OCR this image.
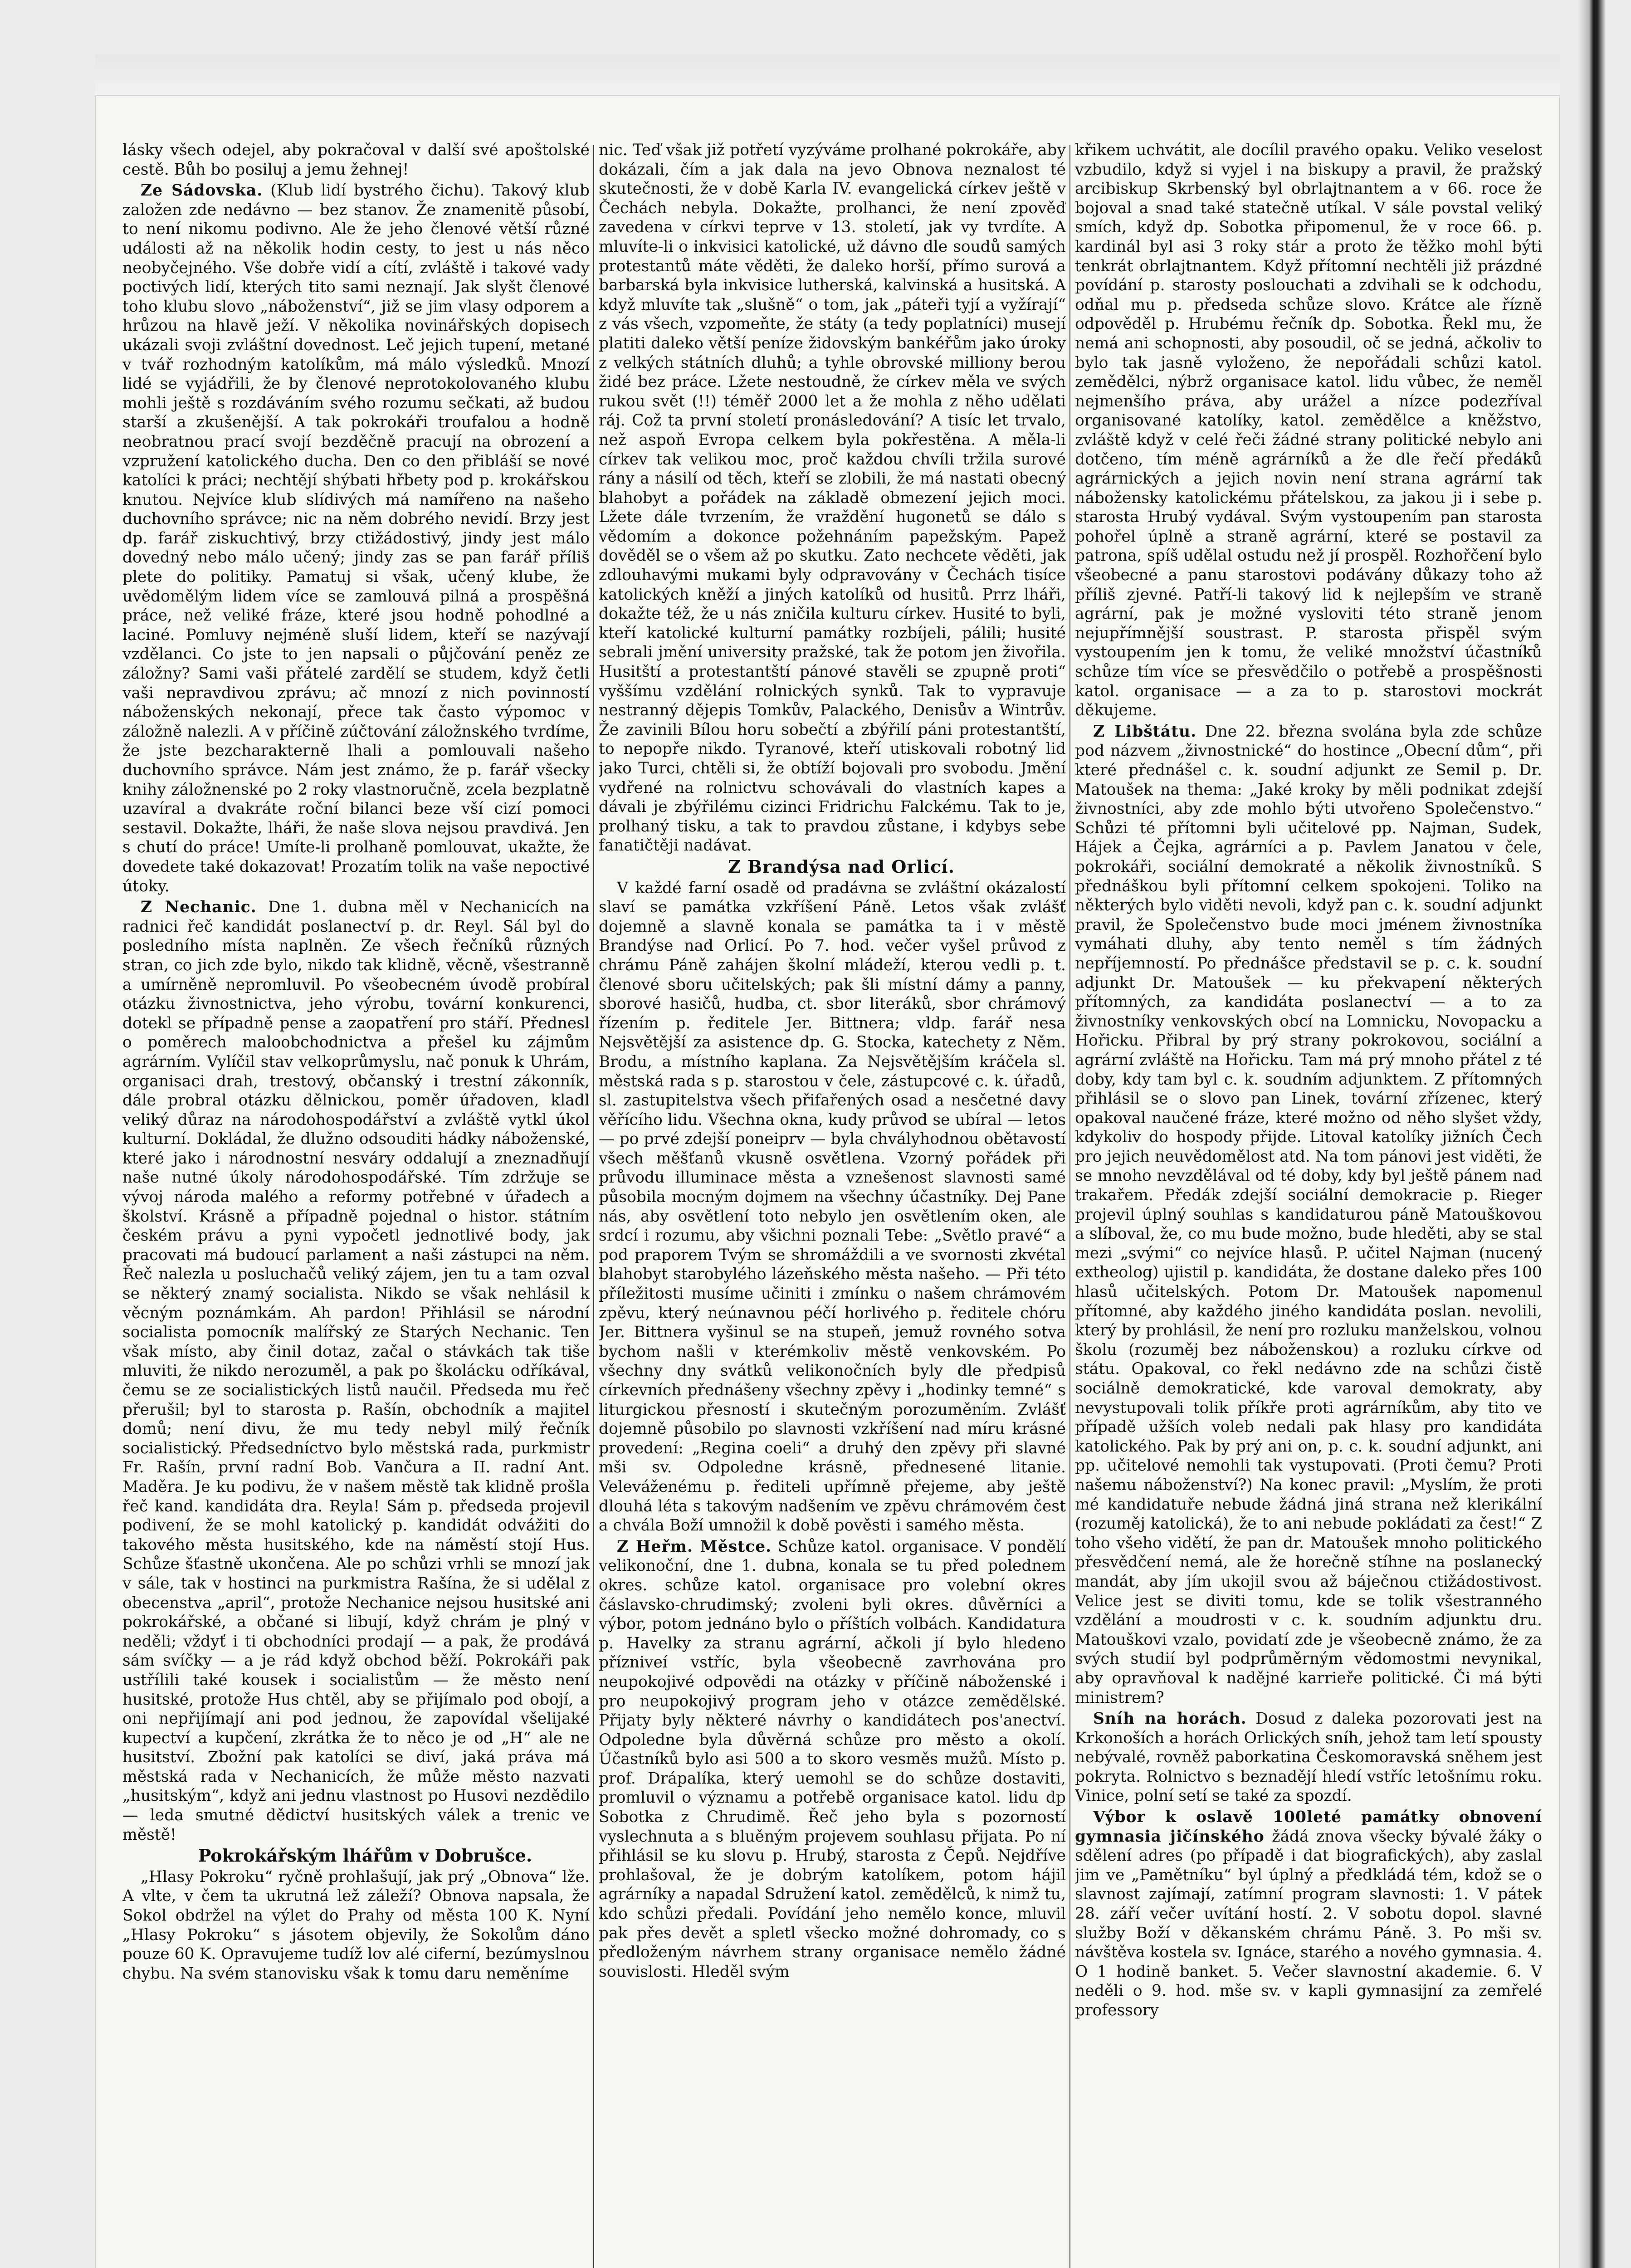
lásky všech odejel, aby pokračoval v další své apoštolské cestě. Bůh bo posiluj a jemu žehnej!

Ze Sádovska. (Klub lidí bystrého čichu). Takový klub založen zde nedávno — bez stanov. Že znamenitě působí, to není nikomu podivno. Ale že jeho členové větší různé události až na několik hodin cesty, to jest u nás něco neobyčejného. Vše dobře vidí a cítí, zvláště i takové vady poctivých lidí, kterých tito sami neznají. Jak slyšt členové toho klubu slovo „náboženství“, již se jim vlasy odporem a hrůzou na hlavě ježí. V několika novinářských dopisech ukázali svoji zvláštní dovednost. Leč jejich tupení, metané v tvář rozhodným katolíkům, má málo výsledků. Mnozí lidé se vyjádřili, že by členové neprotokolovaného klubu mohli ještě s rozdáváním svého rozumu sečkati, až budou starší a zkušenější. A tak pokrokáři troufalou a hodně neobratnou prací svojí bezděčně pracují na obrození a vzpružení katolického ducha. Den co den přibláší se nové katolíci k práci; nechtějí shýbati hřbety pod p. krokářskou knutou. Nejvíce klub slídivých má namířeno na našeho duchovního správce; nic na něm dobrého nevidí. Brzy jest dp. farář ziskuchtivý, brzy ctižádostivý, jindy jest málo dovedný nebo málo učený; jindy zas se pan farář příliš plete do politiky. Pamatuj si však, učený klube, že uvědomělým lidem více se zamlouvá pilná a prospěšná práce, než veliké fráze, které jsou hodně pohodlné a laciné. Pomluvy nejméně sluší lidem, kteří se nazývají vzdělanci. Co jste to jen napsali o půjčování peněz ze záložny? Sami vaši přátelé zardělí se studem, když četli vaši nepravdivou zprávu; ač mnozí z nich povinností náboženských nekonají, přece tak často výpomoc v záložně nalezli. A v příčině zúčtování záložnského tvrdíme, že jste bezcharakterně lhali a pomlouvali našeho duchovního správce. Nám jest známo, že p. farář všecky knihy záložnenské po 2 roky vlastnoručně, zcela bezplatně uzavíral a dvakráte roční bilanci beze vší cizí pomoci sestavil. Dokažte, lháři, že naše slova nejsou pravdivá. Jen s chutí do práce! Umíte-li prolhaně pomlouvat, ukažte, že dovedete také dokazovat! Prozatím tolik na vaše nepoctivé útoky.

Z Nechanic. Dne 1. dubna měl v Nechanicích na radnici řeč kandidát poslanectví p. dr. Reyl. Sál byl do posledního místa naplněn. Ze všech řečníků různých stran, co jich zde bylo, nikdo tak klidně, věcně, všestranně a umírněně nepromluvil. Po všeobecném úvodě probíral otázku živnostnictva, jeho výrobu, tovární konkurenci, dotekl se případně pense a zaopatření pro stáří. Přednesl o poměrech maloobchodnictva a přešel ku zájmům agrárním. Vylíčil stav velkoprůmyslu, nač ponuk k Uhrám, organisaci drah, trestový, občanský i trestní zákonník, dále probral otázku dělnickou, poměr úřadoven, kladl veliký důraz na národohospodářství a zvláště vytkl úkol kulturní. Dokládal, že dlužno odsouditi hádky náboženské, které jako i národnostní nesváry oddalují a zneznadňují naše nutné úkoly národohospodářské. Tím zdržuje se vývoj národa malého a reformy potřebné v úřadech a školství. Krásně a případně pojednal o histor. státním českém právu a pyni vypočetl jednotlivé body, jak pracovati má budoucí parlament a naši zástupci na něm. Řeč nalezla u posluchačů veliký zájem, jen tu a tam ozval se některý znamý socialista. Nikdo se však nehlásil k věcným poznámkám. Ah pardon! Přihlásil se národní socialista pomocník malířský ze Starých Nechanic. Ten však místo, aby činil dotaz, začal o stávkách tak tiše mluviti, že nikdo nerozuměl, a pak po školácku odříkával, čemu se ze socialistických listů naučil. Předseda mu řeč přerušil; byl to starosta p. Rašín, obchodník a majitel domů; není divu, že mu tedy nebyl milý řečník socialistický. Předsedníctvo bylo městská rada, purkmistr Fr. Rašín, první radní Bob. Vančura a II. radní Ant. Maděra. Je ku podivu, že v našem městě tak klidně prošla řeč kand. kandidáta dra. Reyla! Sám p. předseda projevil podivení, že se mohl katolický p. kandidát odvážiti do takového města husitského, kde na náměstí stojí Hus. Schůze šťastně ukončena. Ale po schůzi vrhli se mnozí jak v sále, tak v hostinci na purkmistra Rašína, že si udělal z obecenstva „april“, protože Nechanice nejsou husitské ani pokrokářské, a občané si libují, když chrám je plný v neděli; vždyť i ti obchodníci prodají — a pak, že prodává sám svíčky — a je rád když obchod běží. Pokrokáři pak ustřílili také kousek i socialistům — že město není husitské, protože Hus chtěl, aby se přijímalo pod obojí, a oni nepřijímají ani pod jednou, že zapovídal všelijaké kupectví a kupčení, zkrátka že to něco je od „H“ ale ne husitství. Zbožní pak katolíci se diví, jaká práva má městská rada v Nechanicích, že může město nazvati „husitským“, když ani jednu vlastnost po Husovi nezdědilo — leda smutné dědictví husitských válek a trenic ve městě!

Pokrokářským lhářům v Dobrušce.

„Hlasy Pokroku“ ryčně prohlašují, jak prý „Obnova“ lže. A vlte, v čem ta ukrutná lež záleží? Obnova napsala, že Sokol obdržel na výlet do Prahy od města 100 K. Nyní „Hlasy Pokroku“ s jásotem objevily, že Sokolům dáno pouze 60 K. Opravujeme tudíž lov alé ciferní, bezúmyslnou chybu. Na svém stanovisku však k tomu daru neměníme

nic. Teď však již potřetí vyzýváme prolhané pokrokáře, aby dokázali, čím a jak dala na jevo Obnova neznalost té skutečnosti, že v době Karla IV. evangelická církev ještě v Čechách nebyla. Dokažte, prolhanci, že není zpověď zavedena v církvi teprve v 13. století, jak vy tvrdíte. A mluvíte-li o inkvisici katolické, už dávno dle soudů samých protestantů máte věděti, že daleko horší, přímo surová a barbarská byla inkvisice lutherská, kalvinská a husitská. A když mluvíte tak „slušně“ o tom, jak „páteři tyjí a vyžírají“ z vás všech, vzpomeňte, že státy (a tedy poplatníci) musejí platiti daleko větší peníze židovským bankéřům jako úroky z velkých státních dluhů; a tyhle obrovské milliony berou židé bez práce. Lžete nestoudně, že církev měla ve svých rukou svět (!!) téměř 2000 let a že mohla z něho udělati ráj. Což ta první století pronásledování? A tisíc let trvalo, než aspoň Evropa celkem byla pokřestěna. A měla-li církev tak velikou moc, proč každou chvíli tržila surové rány a násilí od těch, kteří se zlobili, že má nastati obecný blahobyt a pořádek na základě obmezení jejich moci. Lžete dále tvrzením, že vraždění hugonetů se dálo s vědomím a dokonce požehnáním papežským. Papež dověděl se o všem až po skutku. Zato nechcete věděti, jak zdlouhavými mukami byly odpravovány v Čechách tisíce katolických kněží a jiných katolíků od husitů. Prrz lháři, dokažte též, že u nás zničila kulturu církev. Husité to byli, kteří katolické kulturní památky rozbíjeli, pálili; husité sebrali jmění university pražské, tak že potom jen živořila. Husitští a protestantští pánové stavěli se zpupně proti“ vyššímu vzdělání rolnických synků. Tak to vypravuje nestranný dějepis Tomkův, Palackého, Denisův a Wintrův. Že zavinili Bílou horu sobečtí a zbýřilí páni protestantští, to nepopře nikdo. Tyranové, kteří utiskovali robotný lid jako Turci, chtěli si, že obtíží bojovali pro svobodu. Jmění vydřené na rolnictvu schovávali do vlastních kapes a dávali je zbýřilému cizinci Fridrichu Falckému. Tak to je, prolhaný tisku, a tak to pravdou zůstane, i kdybys sebe fanatičtěji nadávat.

Z Brandýsa nad Orlicí.

V každé farní osadě od pradávna se zvláštní okázalostí slaví se památka vzkříšení Páně. Letos však zvlášť dojemně a slavně konala se památka ta i v městě Brandýse nad Orlicí. Po 7. hod. večer vyšel průvod z chrámu Páně zahájen školní mládeží, kterou vedli p. t. členové sboru učitelských; pak šli místní dámy a panny, sborové hasičů, hudba, ct. sbor literáků, sbor chrámový řízením p. ředitele Jer. Bittnera; vldp. farář nesa Nejsvětější za asistence dp. G. Stocka, katechety z Něm. Brodu, a místního kaplana. Za Nejsvětějším kráčela sl. městská rada s p. starostou v čele, zástupcové c. k. úřadů, sl. zastupitelstva všech přifařených osad a nesčetné davy věřícího lidu. Všechna okna, kudy průvod se ubíral — letos — po prvé zdejší poneiprv — byla chvályhodnou obětavostí všech měšťanů vkusně osvětlena. Vzorný pořádek při průvodu illuminace města a vznešenost slavnosti samé působila mocným dojmem na všechny účastníky. Dej Pane nás, aby osvětlení toto nebylo jen osvětlením oken, ale srdcí i rozumu, aby všichni poznali Tebe: „Světlo pravé“ a pod praporem Tvým se shromáždili a ve svornosti zkvétal blahobyt starobylého lázeňského města našeho. — Při této příležitosti musíme učiniti i zmínku o našem chrámovém zpěvu, který neúnavnou péčí horlivého p. ředitele chóru Jer. Bittnera vyšinul se na stupeň, jemuž rovného sotva bychom našli v kterémkoliv městě venkovském. Po všechny dny svátků velikonočních byly dle předpisů církevních přednášeny všechny zpěvy i „hodinky temné“ s liturgickou přesností i skutečným porozuměním. Zvlášť dojemně působilo po slavnosti vzkříšení nad míru krásné provedení: „Regina coeli“ a druhý den zpěvy při slavné mši sv. Odpoledne krásně, přednesené litanie. Veleváženému p. řediteli upřímně přejeme, aby ještě dlouhá léta s takovým nadšením ve zpěvu chrámovém čest a chvála Boží umnožil k době pověsti i samého města.

Z Heřm. Městce. Schůze katol. organisace. V pondělí velikonoční, dne 1. dubna, konala se tu před polednem okres. schůze katol. organisace pro volební okres čáslavsko-chrudimský; zvoleni byli okres. důvěrníci a výbor, potom jednáno bylo o příštích volbách. Kandidatura p. Havelky za stranu agrární, ačkoli jí bylo hledeno přízniveí vstříc, byla všeobecně zavrhována pro neupokojivé odpovědi na otázky v příčině náboženské i pro neupokojivý program jeho v otázce zemědělské. Přijaty byly některé návrhy o kandidátech pos'anectví. Odpoledne byla důvěrná schůze pro město a okolí. Účastníků bylo asi 500 a to skoro vesměs mužů. Místo p. prof. Drápalíka, který uemohl se do schůze dostaviti, promluvil o významu a potřebě organisace katol. lidu dp Sobotka z Chrudimě. Řeč jeho byla s pozorností vyslechnuta a s bluěným projevem souhlasu přijata. Po ní přihlásil se ku slovu p. Hrubý, starosta z Čepů. Nejdříve prohlašoval, že je dobrým katolíkem, potom hájil agrárníky a napadal Sdružení katol. zemědělců, k nimž tu, kdo schůzi předali. Povídání jeho nemělo konce, mluvil pak přes devět a spletl všecko možné dohromady, co s předloženým návrhem strany organisace nemělo žádné souvislosti. Hleděl svým

křikem uchvátit, ale docílil pravého opaku. Veliko veselost vzbudilo, když si vyjel i na biskupy a pravil, že pražský arcibiskup Skrbenský byl obrlajtnantem a v 66. roce že bojoval a snad také statečně utíkal. V sále povstal veliký smích, když dp. Sobotka připomenul, že v roce 66. p. kardinál byl asi 3 roky stár a proto že těžko mohl býti tenkrát obrlajtnantem. Když přítomní nechtěli již prázdné povídání p. starosty poslouchati a zdvihali se k odchodu, odňal mu p. předseda schůze slovo. Krátce ale řízně odpověděl p. Hrubému řečník dp. Sobotka. Řekl mu, že nemá ani schopnosti, aby posoudil, oč se jedná, ačkoliv to bylo tak jasně vyloženo, že nepořádali schůzi katol. zemědělci, nýbrž organisace katol. lidu vůbec, že neměl nejmenšího práva, aby urážel a nízce podezříval organisované katolíky, katol. zemědělce a kněžstvo, zvláště když v celé řeči žádné strany politické nebylo ani dotčeno, tím méně agrárníků a že dle řečí předáků agrárnických a jejich novin není strana agrární tak nábožensky katolickému přátelskou, za jakou ji i sebe p. starosta Hrubý vydával. Svým vystoupením pan starosta pohořel úplně a straně agrární, které se postavil za patrona, spíš udělal ostudu než jí prospěl. Rozhořčení bylo všeobecné a panu starostovi podávány důkazy toho až příliš zjevné. Patří-li takový lid k nejlepším ve straně agrární, pak je možné vysloviti této straně jenom nejupřímnější soustrast. P. starosta přispěl svým vystoupením jen k tomu, že veliké množství účastníků schůze tím více se přesvědčilo o potřebě a prospěšnosti katol. organisace — a za to p. starostovi mockrát děkujeme.

Z Libštátu. Dne 22. března svolána byla zde schůze pod názvem „živnostnické“ do hostince „Obecní dům“, při které přednášel c. k. soudní adjunkt ze Semil p. Dr. Matoušek na thema: „Jaké kroky by měli podnikat zdejší živnostníci, aby zde mohlo býti utvořeno Společenstvo.“ Schůzi té přítomni byli učitelové pp. Najman, Sudek, Hájek a Čejka, agrárníci a p. Pavlem Janatou v čele, pokrokáři, sociální demokraté a několik živnostníků. S přednáškou byli přítomní celkem spokojeni. Toliko na některých bylo viděti nevoli, když pan c. k. soudní adjunkt pravil, že Společenstvo bude moci jménem živnostníka vymáhati dluhy, aby tento neměl s tím žádných nepříjemností. Po přednášce představil se p. c. k. soudní adjunkt Dr. Matoušek — ku překvapení některých přítomných, za kandidáta poslanectví — a to za živnostníky venkovských obcí na Lomnicku, Novopacku a Hořicku. Přibral by prý strany pokrokovou, sociální a agrární zvláště na Hořicku. Tam má prý mnoho přátel z té doby, kdy tam byl c. k. soudním adjunktem. Z přítomných přihlásil se o slovo pan Linek, tovární zřízenec, který opakoval naučené fráze, které možno od něho slyšet vždy, kdykoliv do hospody přijde. Litoval katolíky jižních Čech pro jejich neuvědomělost atd. Na tom pánovi jest viděti, že se mnoho nevzdělával od té doby, kdy byl ještě pánem nad trakařem. Předák zdejší sociální demokracie p. Rieger projevil úplný souhlas s kandidaturou páně Matouškovou a slíboval, že, co mu bude možno, bude hleděti, aby se stal mezi „svými“ co nejvíce hlasů. P. učitel Najman (nucený extheolog) ujistil p. kandidáta, že dostane daleko přes 100 hlasů učitelských. Potom Dr. Matoušek napomenul přítomné, aby každého jiného kandidáta poslan. nevolili, který by prohlásil, že není pro rozluku manželskou, volnou školu (rozuměj bez náboženskou) a rozluku církve od státu. Opakoval, co řekl nedávno zde na schůzi čistě sociálně demokratické, kde varoval demokraty, aby nevystupovali tolik příkře proti agrárníkům, aby tito ve případě užších voleb nedali pak hlasy pro kandidáta katolického. Pak by prý ani on, p. c. k. soudní adjunkt, ani pp. učitelové nemohli tak vystupovati. (Proti čemu? Proti našemu náboženství?) Na konec pravil: „Myslím, že proti mé kandidatuře nebude žádná jiná strana než klerikální (rozuměj katolická), že to ani nebude pokládati za čest!“ Z toho všeho vidětí, že pan dr. Matoušek mnoho politického přesvědčení nemá, ale že horečně stíhne na poslanecký mandát, aby jím ukojil svou až báječnou ctižádostivost. Velice jest se diviti tomu, kde se tolik všestranného vzdělání a moudrosti v c. k. soudním adjunktu dru. Matouškovi vzalo, povidatí zde je všeobecně známo, že za svých studií byl podprůměrným vědomostmi nevynikal, aby opravňoval k nadějné karrieře politické. Či má býti ministrem?

Sníh na horách. Dosud z daleka pozorovati jest na Krkonoších a horách Orlických sníh, jehož tam letí spousty nebývalé, rovněž paborkatina Českomoravská sněhem jest pokryta. Rolnictvo s beznadějí hledí vstříc letošnímu roku. Vinice, polní setí se také za spozdí.

Výbor k oslavě 100leté památky obnovení gymnasia jičínského žádá znova všecky bývalé žáky o sdělení adres (po případě i dat biografických), aby zaslal jim ve „Pamětníku“ byl úplný a předkládá tém, kdož se o slavnost zajímají, zatímní program slavnosti: 1. V pátek 28. září večer uvítání hostí. 2. V sobotu dopol. slavné služby Boží v děkanském chrámu Páně. 3. Po mši sv. návštěva kostela sv. Ignáce, starého a nového gymnasia. 4. O 1 hodině banket. 5. Večer slavnostní akademie. 6. V neděli o 9. hod. mše sv. v kapli gymnasijní za zemřelé professory
